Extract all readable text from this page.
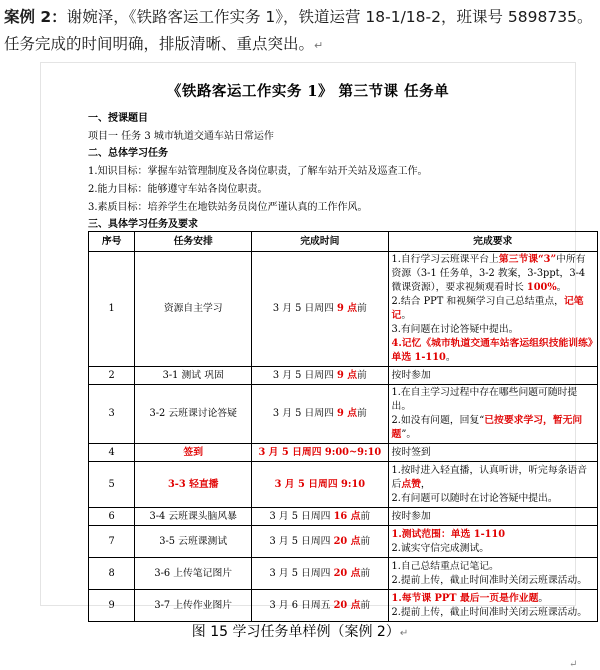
案例 2：谢婉泽，《铁路客运工作实务 1》，铁道运营 18-1/18-2，班课号 5898735。任务完成的时间明确，排版清晰、重点突出。↵
《铁路客运工作实务 1》 第三节课 任务单
一、授课题目
项目一 任务 3 城市轨道交通车站日常运作
二、总体学习任务
1.知识目标：掌握车站管理制度及各岗位职责，了解车站开关站及巡查工作。
2.能力目标：能够遵守车站各岗位职责。
3.素质目标：培养学生在地铁站务员岗位严谨认真的工作作风。
三、具体学习任务及要求
序号	任务安排	完成时间	完成要求
1	资源自主学习	3 月 5 日周四 9 点前	1.自行学习云班课平台上第三节课“3”中所有资源（3-1 任务单，3-2 教案，3-3ppt，3-4 微课资源），要求视频观看时长 100%。
2.结合 PPT 和视频学习自己总结重点，记笔记。
3.有问题在讨论答疑中提出。
4.记忆《城市轨道交通车站客运组织技能训练》单选 1-110。

2	3-1 测试 巩固	3 月 5 日周四 9 点前	按时参加

3	3-2 云班课讨论答疑	3 月 5 日周四 9 点前	1.在自主学习过程中存在哪些问题可随时提出。
2.如没有问题，回复“已按要求学习，暂无问题”。

4	签到	3 月 5 日周四 9:00~9:10	按时签到

5	3-3 轻直播	3 月 5 日周四 9:10	1.按时进入轻直播，认真听讲，听完每条语音后点赞，
2.有问题可以随时在讨论答疑中提出。

6	3-4 云班课头脑风暴	3 月 5 日周四 16 点前	按时参加

7	3-5 云班课测试	3 月 5 日周四 20 点前	1.测试范围：单选 1-110
2.诚实守信完成测试。

8	3-6 上传笔记图片	3 月 5 日周四 20 点前	1.自己总结重点记笔记。
2.提前上传，截止时间准时关闭云班课活动。

9	3-7 上传作业图片	3 月 6 日周五 20 点前	1.每节课 PPT 最后一页是作业题。
2.提前上传，截止时间准时关闭云班课活动。
↵
图 15 学习任务单样例（案例 2）↵
